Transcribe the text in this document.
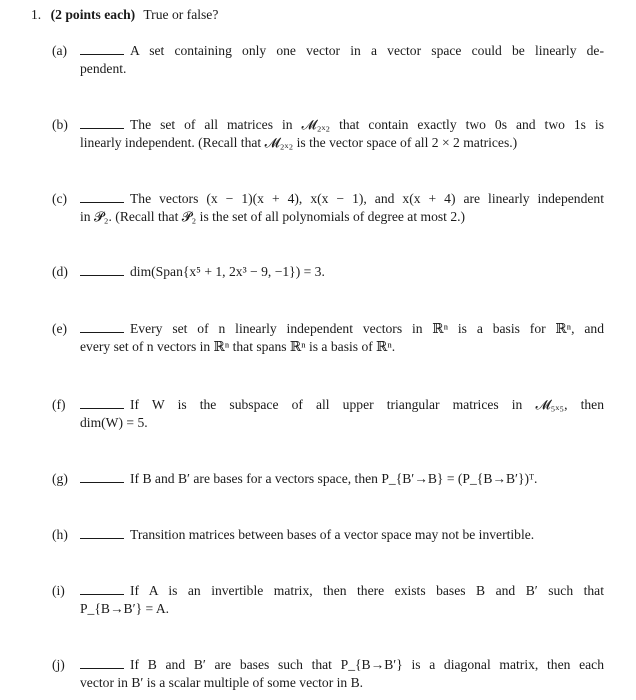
1. (2 points each) True or false?
(a)	A set containing only one vector in a vector space could be linearly de-
pendent.
(b)	The set of all matrices in 𝓜₂ₓ₂ that contain exactly two 0s and two 1s is
linearly independent. (Recall that 𝓜₂ₓ₂ is the vector space of all 2 × 2 matrices.)
(c)	The vectors (x − 1)(x + 4), x(x − 1), and x(x + 4) are linearly independent
in 𝓟₂. (Recall that 𝓟₂ is the set of all polynomials of degree at most 2.)
(d)	dim(Span{x⁵ + 1, 2x³ − 9, −1}) = 3.
(e)	Every set of n linearly independent vectors in ℝⁿ is a basis for ℝⁿ, and
every set of n vectors in ℝⁿ that spans ℝⁿ is a basis of ℝⁿ.
(f)	If W is the subspace of all upper triangular matrices in 𝓜₅ₓ₅, then
dim(W) = 5.
(g)	If B and B′ are bases for a vectors space, then P_{B′→B} = (P_{B→B′})ᵀ.
(h)	Transition matrices between bases of a vector space may not be invertible.
(i)	If A is an invertible matrix, then there exists bases B and B′ such that
P_{B→B′} = A.
(j)	If B and B′ are bases such that P_{B→B′} is a diagonal matrix, then each
vector in B′ is a scalar multiple of some vector in B.
